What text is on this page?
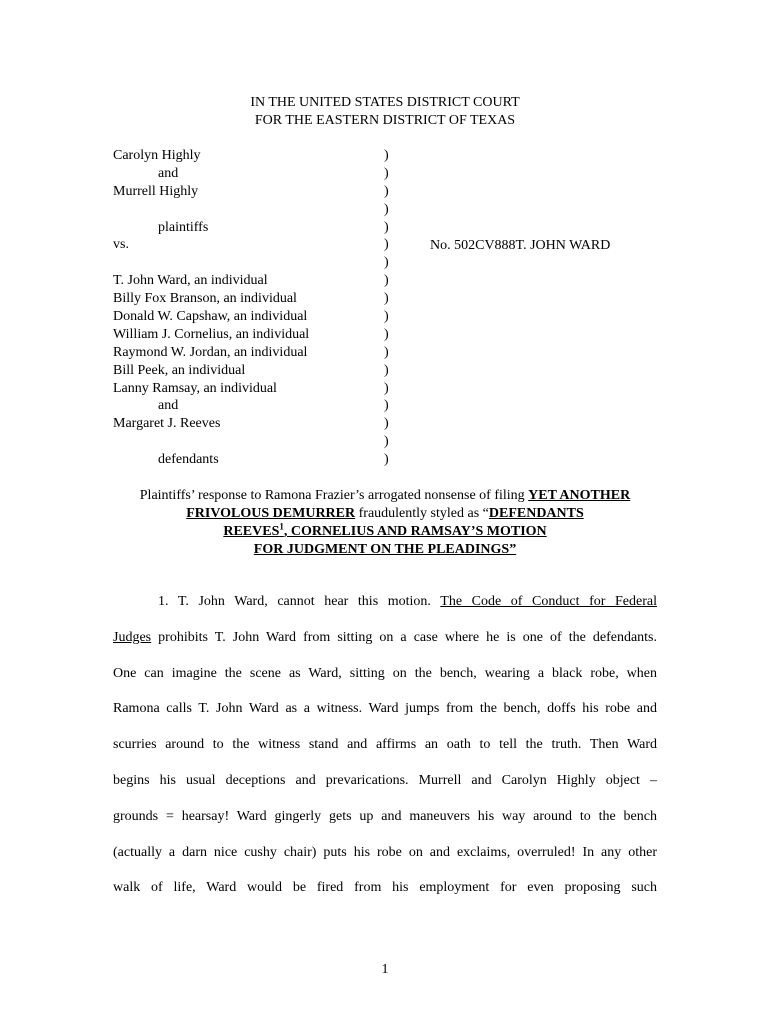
IN THE UNITED STATES DISTRICT COURT
FOR THE EASTERN DISTRICT OF TEXAS
Carolyn Highly
and
Murrell Highly
plaintiffs
vs.
T. John Ward, an individual
Billy Fox Branson, an individual
Donald W. Capshaw, an individual
William J. Cornelius, an individual
Raymond W. Jordan, an individual
Bill Peek, an individual
Lanny Ramsay, an individual
and
Margaret J. Reeves
defendants
)
)
)
)
)
)
)
)
)
)
)
)
)
)
)
)
)
)
No. 502CV888T. JOHN WARD
Plaintiffs’ response to Ramona Frazier’s arrogated nonsense of filing YET ANOTHER
FRIVOLOUS DEMURRER fraudulently styled as “DEFENDANTS
REEVES$^1$, CORNELIUS AND RAMSAY’S MOTION
FOR JUDGMENT ON THE PLEADINGS”
1. T. John Ward, cannot hear this motion. The Code of Conduct for Federal
Judges prohibits T. John Ward from sitting on a case where he is one of the defendants.
One can imagine the scene as Ward, sitting on the bench, wearing a black robe, when
Ramona calls T. John Ward as a witness. Ward jumps from the bench, doffs his robe and
scurries around to the witness stand and affirms an oath to tell the truth. Then Ward
begins his usual deceptions and prevarications. Murrell and Carolyn Highly object –
grounds = hearsay! Ward gingerly gets up and maneuvers his way around to the bench
(actually a darn nice cushy chair) puts his robe on and exclaims, overruled! In any other
walk of life, Ward would be fired from his employment for even proposing such
1
